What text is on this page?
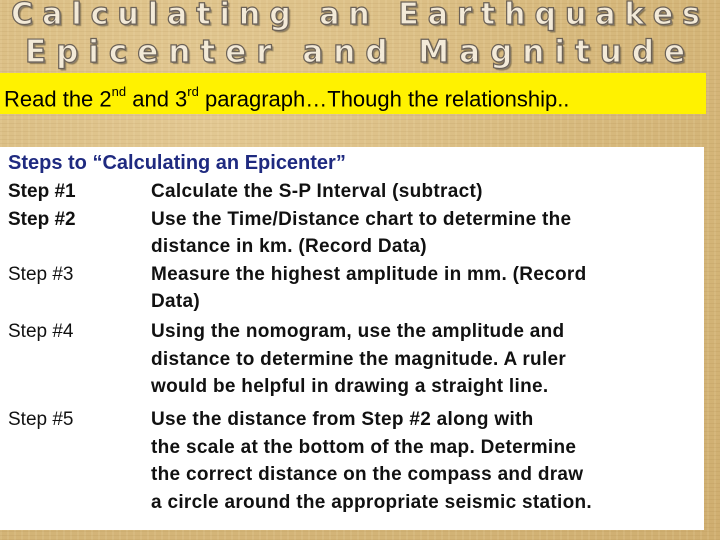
Calculating an Earthquakes
Epicenter and Magnitude
Read the 2nd and 3rd paragraph…Though the relationship..
Steps to “Calculating an Epicenter”
Step #1	Calculate the S-P Interval (subtract)
Step #2	Use the Time/Distance chart to determine the
distance in km. (Record Data)
Step #3	Measure the highest amplitude in mm. (Record
Data)
Step #4	Using the nomogram, use the amplitude and
distance to determine the magnitude. A ruler
would be helpful in drawing a straight line.
Step #5	Use the distance from Step #2 along with
the scale at the bottom of the map. Determine
the correct distance on the compass and draw
a circle around the appropriate seismic station.
